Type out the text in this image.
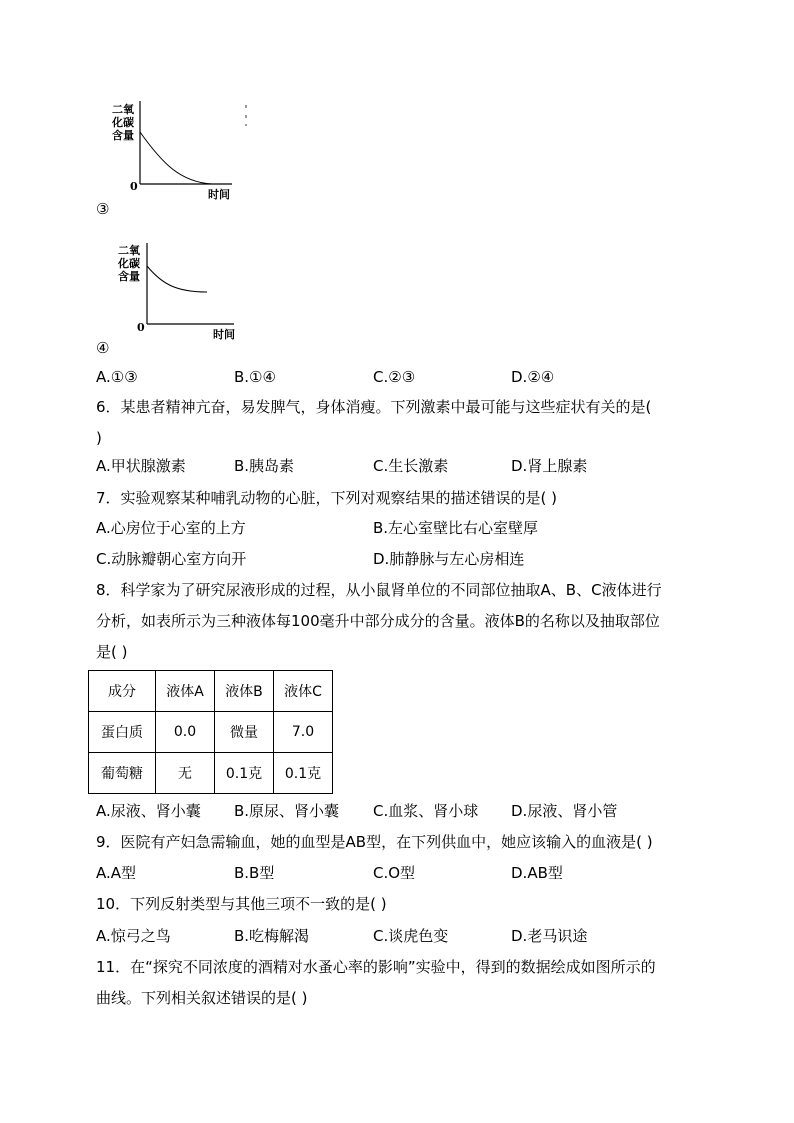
二氧
化碳
含量
0
时间
③
二氧
化碳
含量
0
时间
④
A.①③	B.①④	C.②③	D.②④
6．某患者精神亢奋，易发脾气，身体消瘦。下列激素中最可能与这些症状有关的是(
)
A.甲状腺激素	B.胰岛素	C.生长激素	D.肾上腺素
7．实验观察某种哺乳动物的心脏，下列对观察结果的描述错误的是( )
A.心房位于心室的上方	B.左心室壁比右心室壁厚
C.动脉瓣朝心室方向开	D.肺静脉与左心房相连
8．科学家为了研究尿液形成的过程，从小鼠肾单位的不同部位抽取A、B、C液体进行
分析，如表所示为三种液体每100毫升中部分成分的含量。液体B的名称以及抽取部位
是( )
成分	液体A	液体B	液体C
蛋白质	0.0	微量	7.0
葡萄糖	无	0.1克	0.1克
A.尿液、肾小囊 B.原尿、肾小囊 C.血浆、肾小球 D.尿液、肾小管
9．医院有产妇急需输血，她的血型是AB型，在下列供血中，她应该输入的血液是( )
A.A型	B.B型	C.O型	D.AB型
10．下列反射类型与其他三项不一致的是( )
A.惊弓之鸟	B.吃梅解渴	C.谈虎色变	D.老马识途
11．在“探究不同浓度的酒精对水蚤心率的影响”实验中，得到的数据绘成如图所示的
曲线。下列相关叙述错误的是( )
